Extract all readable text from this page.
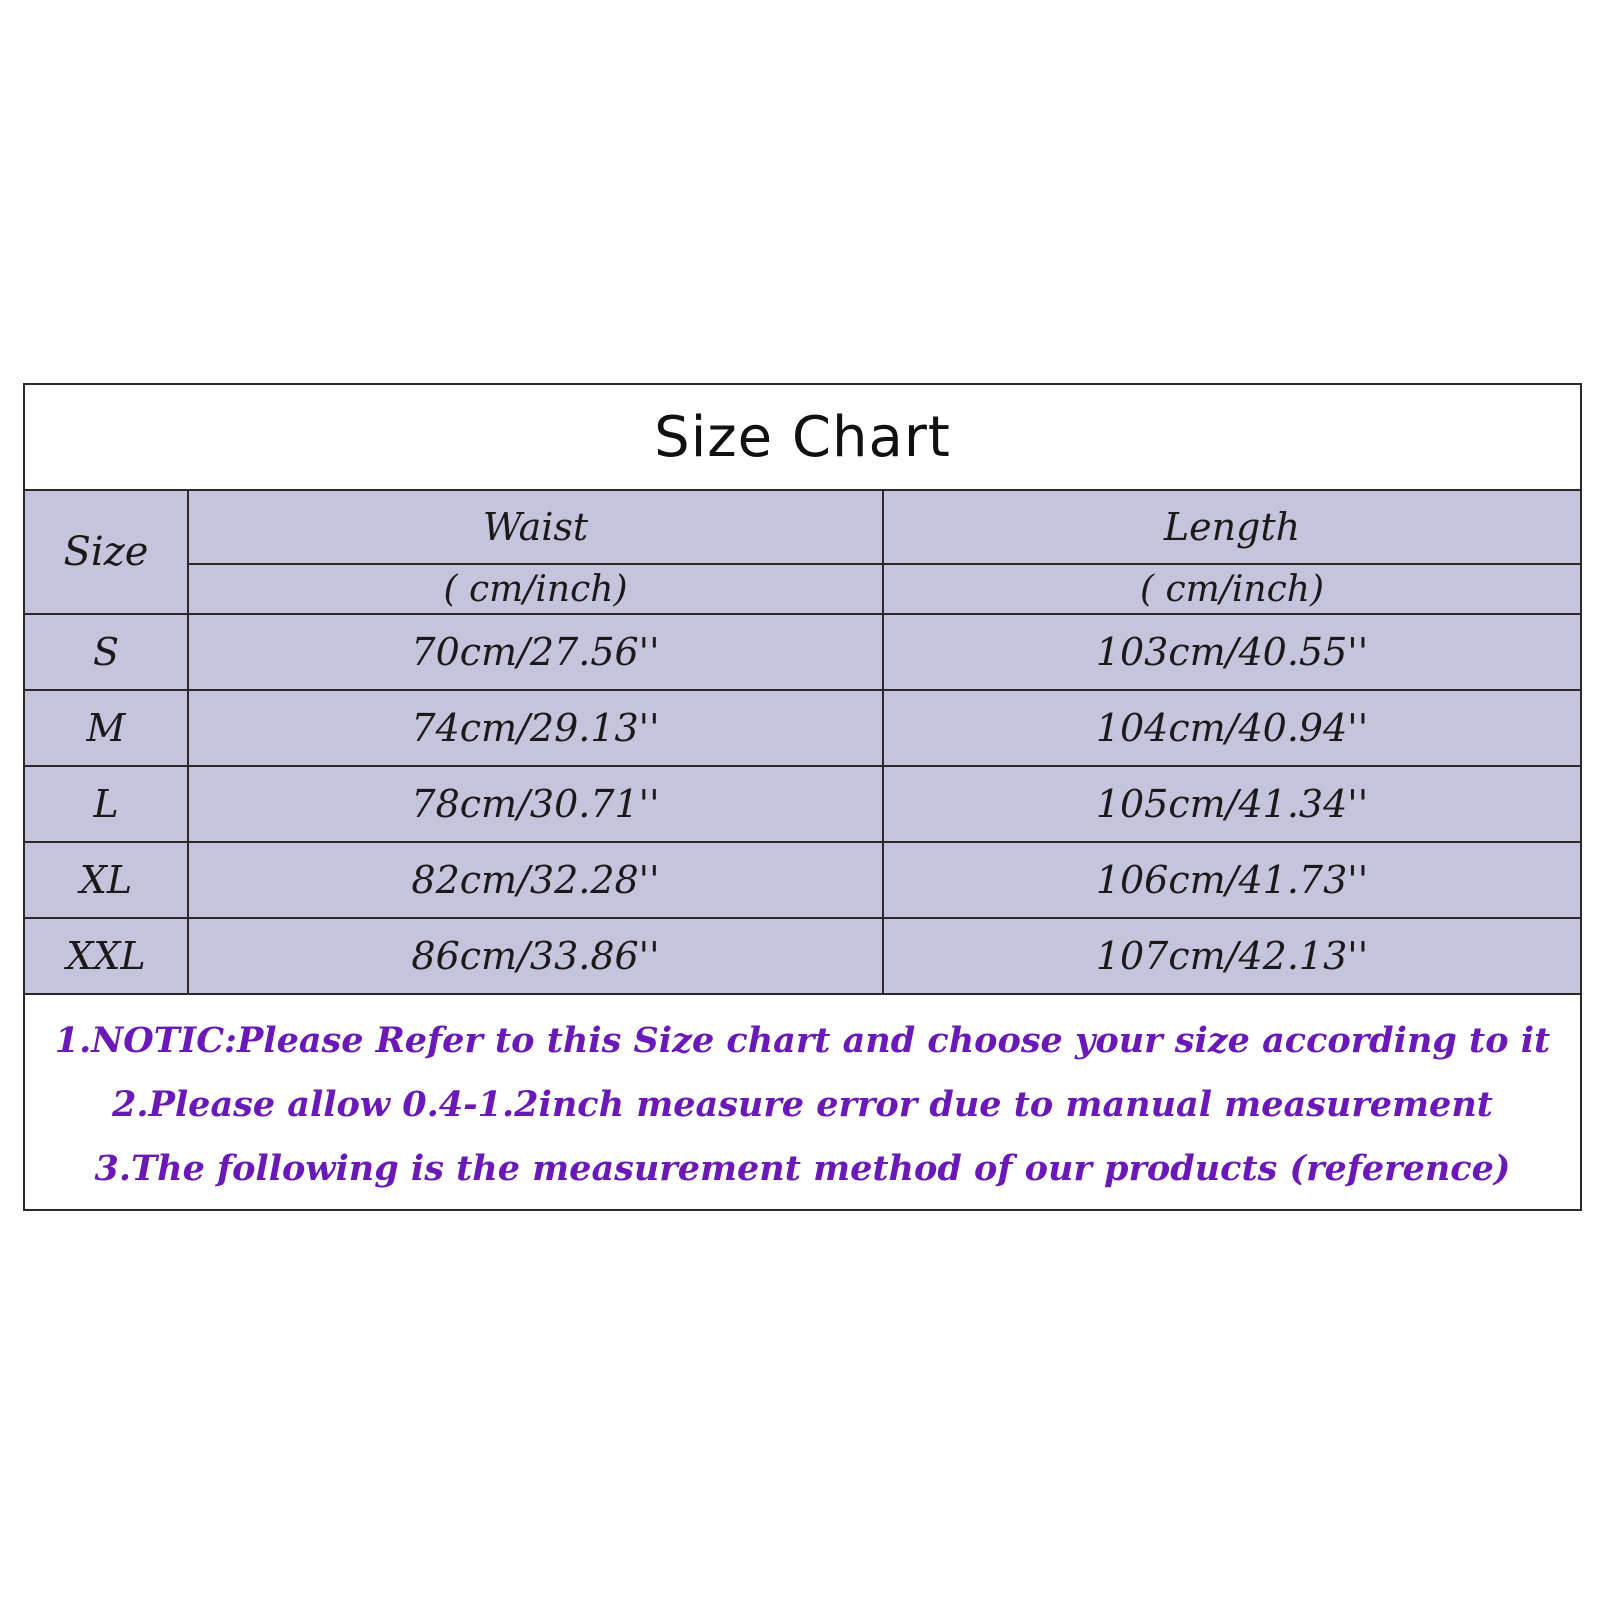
Size Chart
Size	Waist	Length
	( cm/inch)	( cm/inch)
S	70cm/27.56''	103cm/40.55''
M	74cm/29.13''	104cm/40.94''
L	78cm/30.71''	105cm/41.34''
XL	82cm/32.28''	106cm/41.73''
XXL	86cm/33.86''	107cm/42.13''
1.NOTIC:Please Refer to this Size chart and choose your size according to it
2.Please allow 0.4-1.2inch measure error due to manual measurement
3.The following is the measurement method of our products (reference)
